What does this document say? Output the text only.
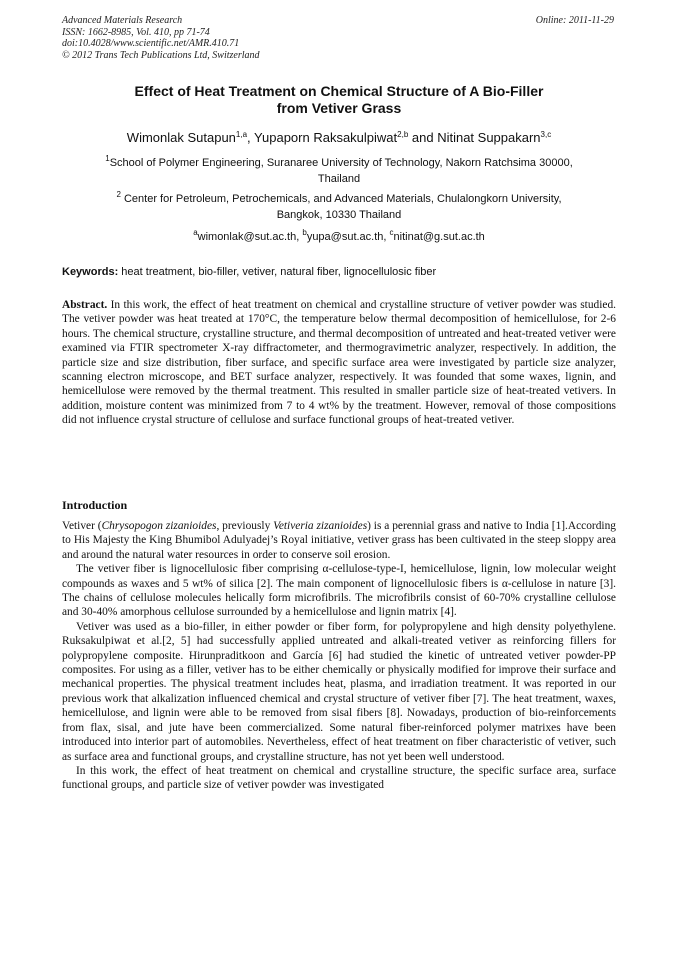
Advanced Materials Research
ISSN: 1662-8985, Vol. 410, pp 71-74
doi:10.4028/www.scientific.net/AMR.410.71
© 2012 Trans Tech Publications Ltd, Switzerland
Online: 2011-11-29
Effect of Heat Treatment on Chemical Structure of A Bio-Filler
from Vetiver Grass
Wimonlak Sutapun$^{1,a}$, Yupaporn Raksakulpiwat$^{2,b}$ and Nitinat Suppakarn$^{3,c}$
$^1$School of Polymer Engineering, Suranaree University of Technology, Nakorn Ratchsima 30000,
Thailand
$^2$ Center for Petroleum, Petrochemicals, and Advanced Materials, Chulalongkorn University,
Bangkok, 10330 Thailand
$^a$wimonlak@sut.ac.th, $^b$yupa@sut.ac.th, $^c$nitinat@g.sut.ac.th
Keywords: heat treatment, bio-filler, vetiver, natural fiber, lignocellulosic fiber
Abstract. In this work, the effect of heat treatment on chemical and crystalline structure of vetiver powder was studied. The vetiver powder was heat treated at 170°C, the temperature below thermal decomposition of hemicellulose, for 2-6 hours. The chemical structure, crystalline structure, and thermal decomposition of untreated and heat-treated vetiver were examined via FTIR spectrometer X-ray diffractometer, and thermogravimetric analyzer, respectively. In addition, the particle size and size distribution, fiber surface, and specific surface area were investigated by particle size analyzer, scanning electron microscope, and BET surface analyzer, respectively. It was founded that some waxes, lignin, and hemicellulose were removed by the thermal treatment. This resulted in smaller particle size of heat-treated vetivers. In addition, moisture content was minimized from 7 to 4 wt% by the treatment. However, removal of those compositions did not influence crystal structure of cellulose and surface functional groups of heat-treated vetiver.
Introduction

Vetiver (Chrysopogon zizanioides, previously Vetiveria zizanioides) is a perennial grass and native to India [1].According to His Majesty the King Bhumibol Adulyadej’s Royal initiative, vetiver grass has been cultivated in the steep sloppy area and around the natural water resources in order to conserve soil erosion.

The vetiver fiber is lignocellulosic fiber comprising α-cellulose-type-I, hemicellulose, lignin, low molecular weight compounds as waxes and 5 wt% of silica [2]. The main component of lignocellulosic fibers is α-cellulose in nature [3]. The chains of cellulose molecules helically form microfibrils. The microfibrils consist of 60-70% crystalline cellulose and 30-40% amorphous cellulose surrounded by a hemicellulose and lignin matrix [4].

Vetiver was used as a bio-filler, in either powder or fiber form, for polypropylene and high density polyethylene. Ruksakulpiwat et al.[2, 5] had successfully applied untreated and alkali-treated vetiver as reinforcing fillers for polypropylene composite. Hirunpraditkoon and García [6] had studied the kinetic of untreated vetiver powder-PP composites. For using as a filler, vetiver has to be either chemically or physically modified for improve their surface and mechanical properties. The physical treatment includes heat, plasma, and irradiation treatment. It was reported in our previous work that alkalization influenced chemical and crystal structure of vetiver fiber [7]. The heat treatment, waxes, hemicellulose, and lignin were able to be removed from sisal fibers [8]. Nowadays, production of bio-reinforcements from flax, sisal, and jute have been commercialized. Some natural fiber-reinforced polymer matrixes have been introduced into interior part of automobiles. Nevertheless, effect of heat treatment on fiber characteristic of vetiver, such as surface area and functional groups, and crystalline structure, has not yet been well understood.

In this work, the effect of heat treatment on chemical and crystalline structure, the specific surface area, surface functional groups, and particle size of vetiver powder was investigated
